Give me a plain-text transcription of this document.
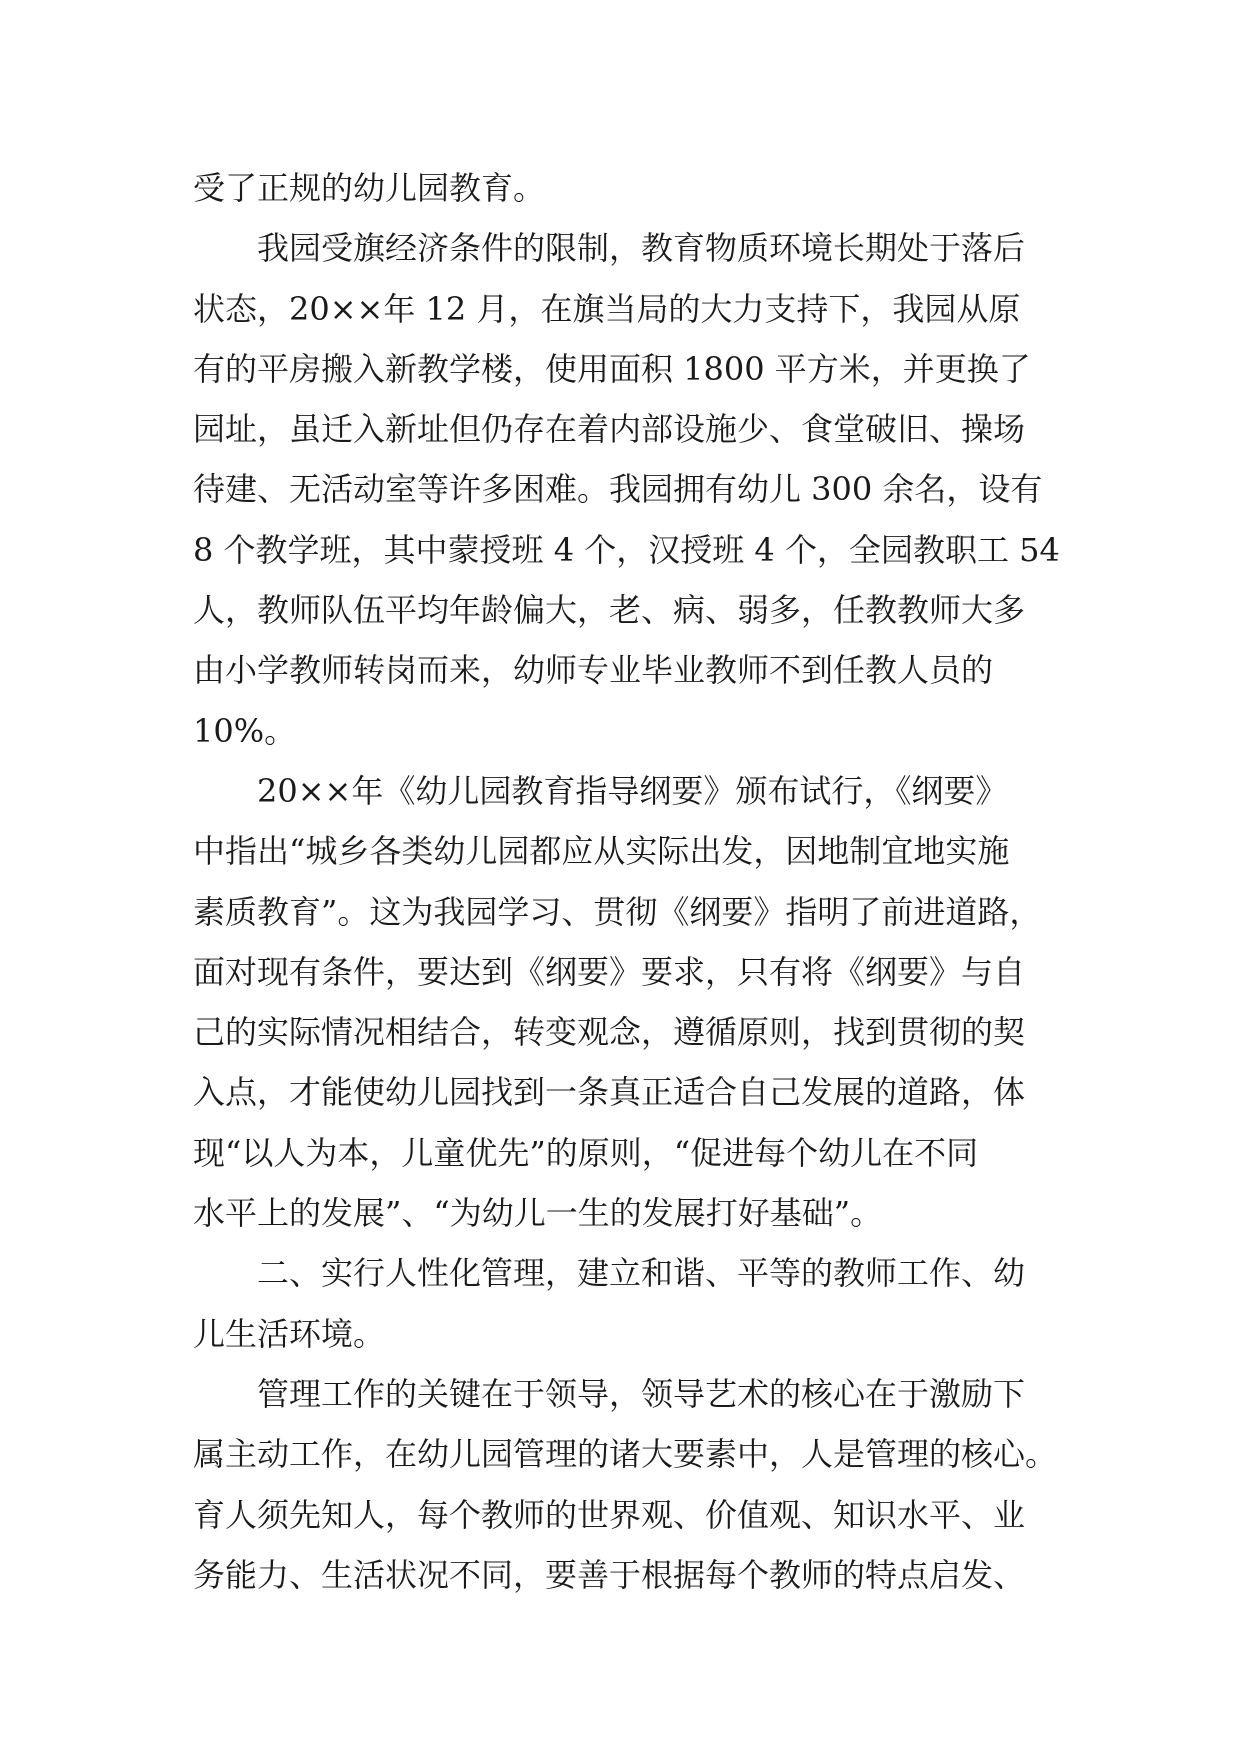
受了正规的幼儿园教育。
我园受旗经济条件的限制，教育物质环境长期处于落后
状态，20××年 12 月，在旗当局的大力支持下，我园从原
有的平房搬入新教学楼，使用面积 1800 平方米，并更换了
园址，虽迁入新址但仍存在着内部设施少、食堂破旧、操场
待建、无活动室等许多困难。我园拥有幼儿 300 余名，设有
8 个教学班，其中蒙授班 4 个，汉授班 4 个，全园教职工 54
人，教师队伍平均年龄偏大，老、病、弱多，任教教师大多
由小学教师转岗而来，幼师专业毕业教师不到任教人员的
10%。
20××年《幼儿园教育指导纲要》颁布试行，《纲要》
中指出“城乡各类幼儿园都应从实际出发，因地制宜地实施
素质教育”。这为我园学习、贯彻《纲要》指明了前进道路，
面对现有条件，要达到《纲要》要求，只有将《纲要》与自
己的实际情况相结合，转变观念，遵循原则，找到贯彻的契
入点，才能使幼儿园找到一条真正适合自己发展的道路，体
现“以人为本，儿童优先”的原则，“促进每个幼儿在不同
水平上的发展”、“为幼儿一生的发展打好基础”。
二、实行人性化管理，建立和谐、平等的教师工作、幼
儿生活环境。
管理工作的关键在于领导，领导艺术的核心在于激励下
属主动工作，在幼儿园管理的诸大要素中，人是管理的核心。
育人须先知人，每个教师的世界观、价值观、知识水平、业
务能力、生活状况不同，要善于根据每个教师的特点启发、
